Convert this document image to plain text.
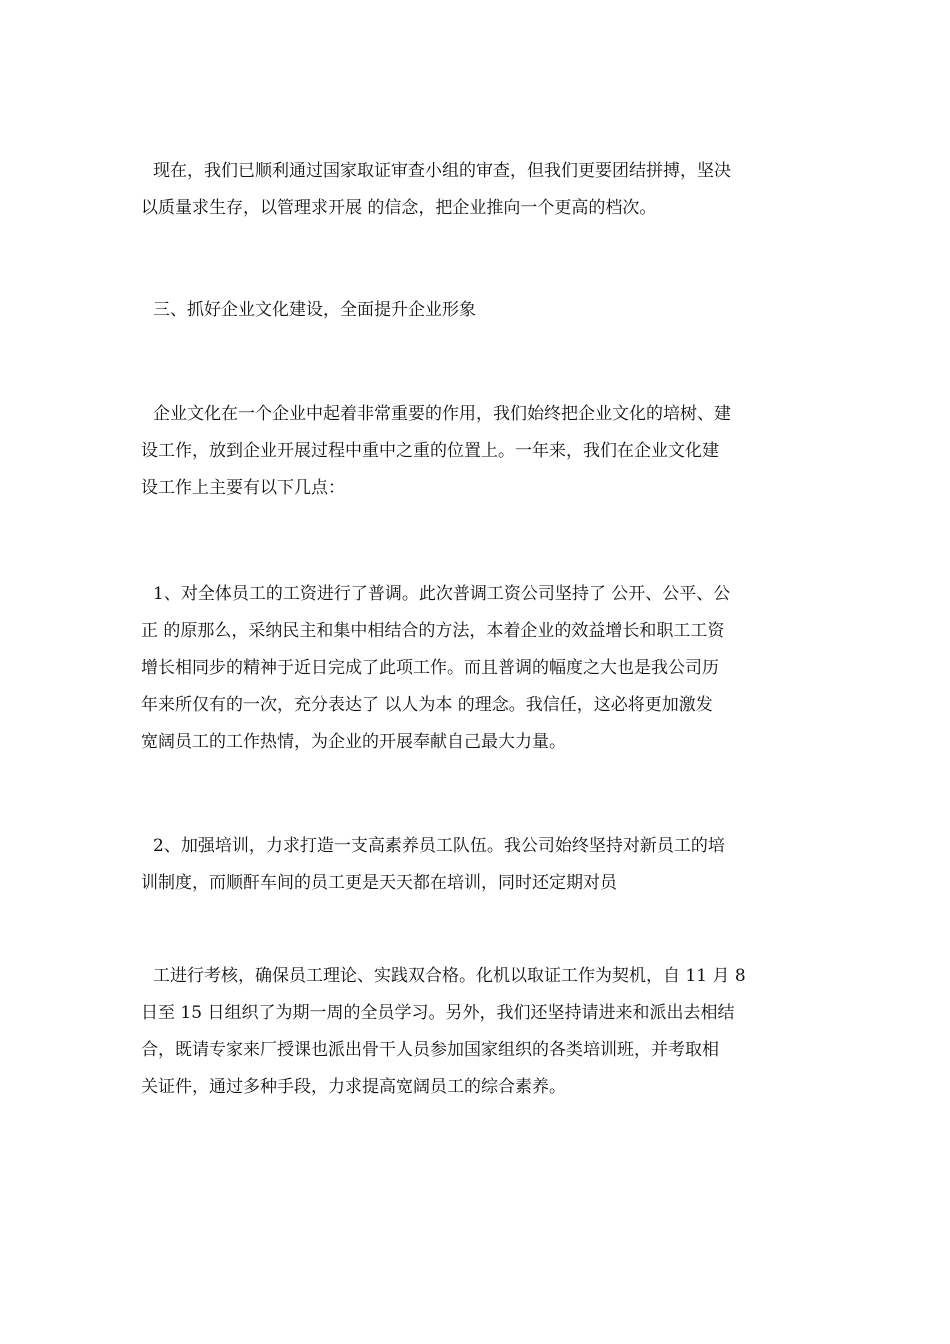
现在，我们已顺利通过国家取证审查小组的审查，但我们更要团结拼搏，坚决
以质量求生存，以管理求开展 的信念，把企业推向一个更高的档次。

三、抓好企业文化建设，全面提升企业形象

企业文化在一个企业中起着非常重要的作用，我们始终把企业文化的培树、建
设工作，放到企业开展过程中重中之重的位置上。一年来，我们在企业文化建
设工作上主要有以下几点：

1、对全体员工的工资进行了普调。此次普调工资公司坚持了 公开、公平、公
正 的原那么，采纳民主和集中相结合的方法，本着企业的效益增长和职工工资
增长相同步的精神于近日完成了此项工作。而且普调的幅度之大也是我公司历
年来所仅有的一次，充分表达了 以人为本 的理念。我信任，这必将更加激发
宽阔员工的工作热情，为企业的开展奉献自己最大力量。

2、加强培训，力求打造一支高素养员工队伍。我公司始终坚持对新员工的培
训制度，而顺酐车间的员工更是天天都在培训，同时还定期对员

工进行考核，确保员工理论、实践双合格。化机以取证工作为契机，自 11 月 8
日至 15 日组织了为期一周的全员学习。另外，我们还坚持请进来和派出去相结
合，既请专家来厂授课也派出骨干人员参加国家组织的各类培训班，并考取相
关证件，通过多种手段，力求提高宽阔员工的综合素养。
